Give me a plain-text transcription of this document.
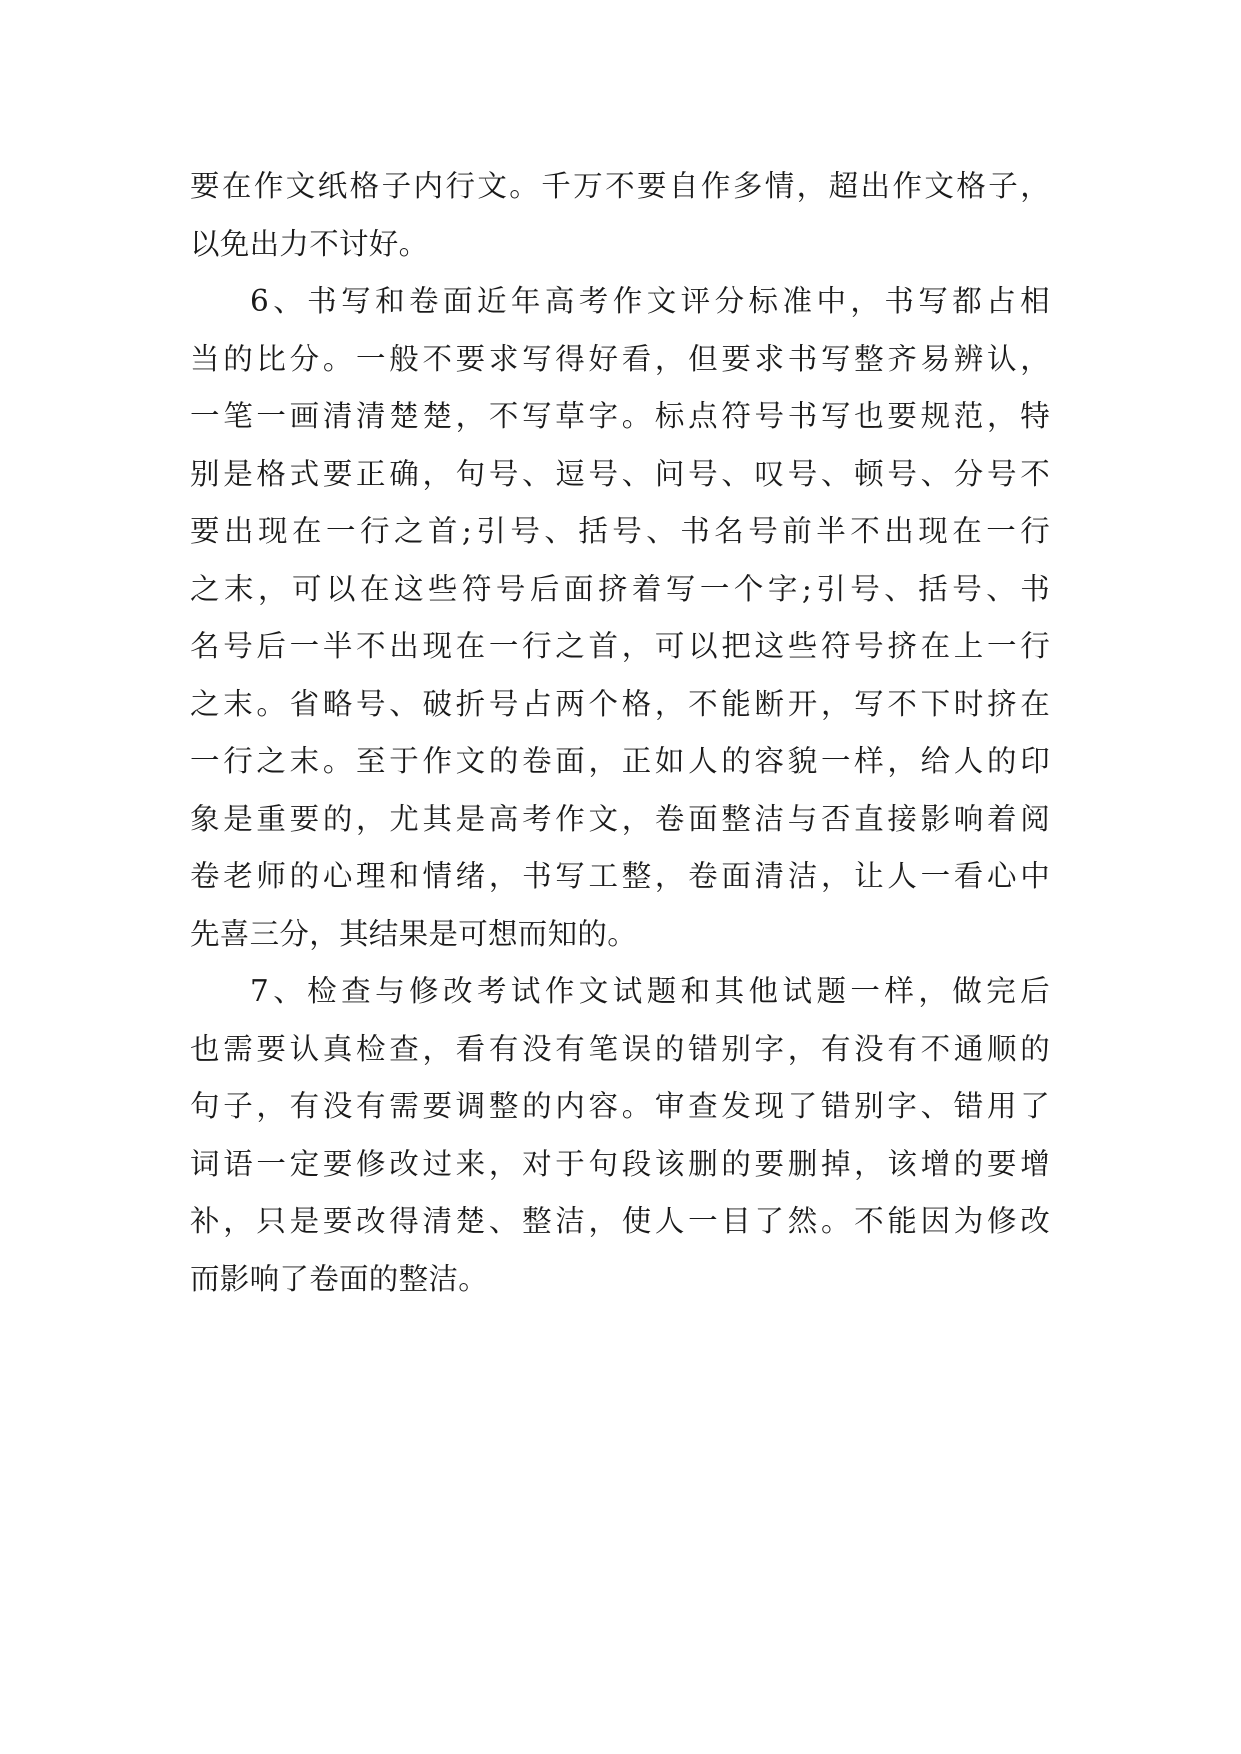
要在作文纸格子内行文。千万不要自作多情，超出作文格子，
以免出力不讨好。
6、书写和卷面近年高考作文评分标准中，书写都占相
当的比分。一般不要求写得好看，但要求书写整齐易辨认，
一笔一画清清楚楚，不写草字。标点符号书写也要规范，特
别是格式要正确，句号、逗号、问号、叹号、顿号、分号不
要出现在一行之首;引号、括号、书名号前半不出现在一行
之末，可以在这些符号后面挤着写一个字;引号、括号、书
名号后一半不出现在一行之首，可以把这些符号挤在上一行
之末。省略号、破折号占两个格，不能断开，写不下时挤在
一行之末。至于作文的卷面，正如人的容貌一样，给人的印
象是重要的，尤其是高考作文，卷面整洁与否直接影响着阅
卷老师的心理和情绪，书写工整，卷面清洁，让人一看心中
先喜三分，其结果是可想而知的。
7、检查与修改考试作文试题和其他试题一样，做完后
也需要认真检查，看有没有笔误的错别字，有没有不通顺的
句子，有没有需要调整的内容。审查发现了错别字、错用了
词语一定要修改过来，对于句段该删的要删掉，该增的要增
补，只是要改得清楚、整洁，使人一目了然。不能因为修改
而影响了卷面的整洁。
